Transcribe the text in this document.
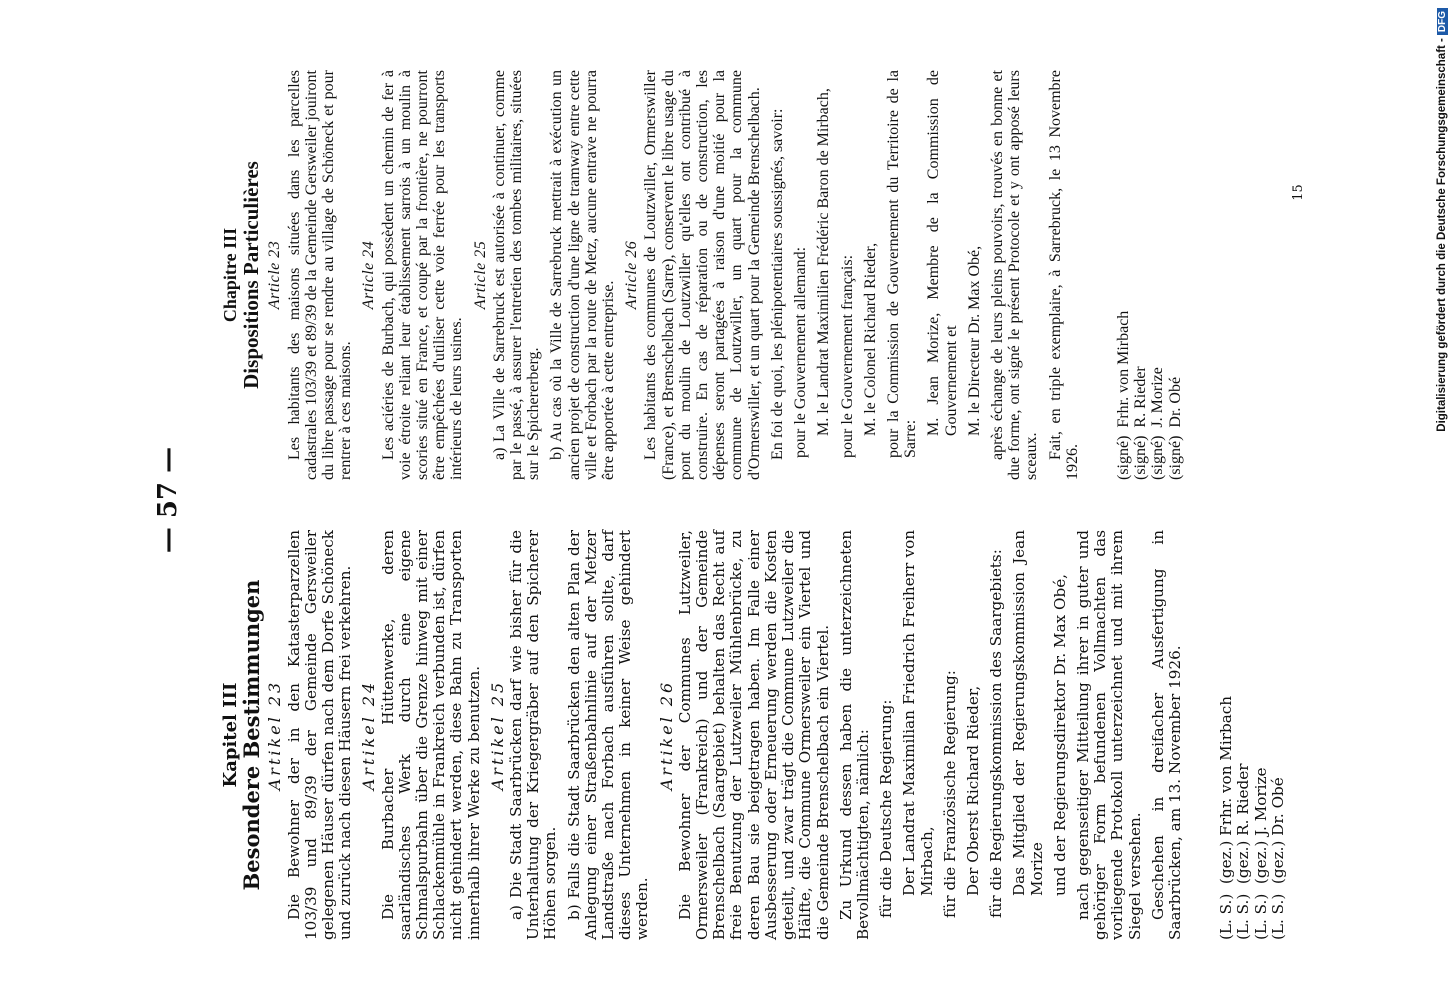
— 57 —
Kapitel III
Besondere Bestimmungen Artikel 23 Die Bewohner der in den Katasterparzellen 103/39 und 89/39 der Gemeinde Gersweiler gelegenen Häuser dürfen nach dem Dorfe Schöneck und zurück nach diesen Häusern frei verkehren. Artikel 24 Die Burbacher Hüttenwerke, deren saarländisches Werk durch eine eigene Schmalspurbahn über die Grenze hinweg mit einer Schlackenmühle in Frankreich verbunden ist, dürfen nicht gehindert werden, diese Bahn zu Transporten innerhalb ihrer Werke zu benutzen. Artikel 25 a) Die Stadt Saarbrücken darf wie bisher für die Unterhaltung der Kriegergräber auf den Spicherer Höhen sorgen. b) Falls die Stadt Saarbrücken den alten Plan der Anlegung einer Straßenbahnlinie auf der Metzer Landstraße nach Forbach ausführen sollte, darf dieses Unternehmen in keiner Weise gehindert werden.

Artikel 26 Die Bewohner der Communes Lutzweiler, Ormersweiler (Frankreich) und der Gemeinde Brenschelbach (Saargebiet) behalten das Recht auf freie Benutzung der Lutzweiler Mühlenbrücke, zu deren Bau sie beigetragen haben. Im Falle einer Ausbesserung oder Erneuerung werden die Kosten geteilt, und zwar trägt die Commune Lutzweiler die Hälfte, die Commune Ormersweiler ein Viertel und die Gemeinde Brenschelbach ein Viertel. Zu Urkund dessen haben die unterzeichneten Bevollmächtigten, nämlich: für die Deutsche Regierung: Der Landrat Maximilian Friedrich Freiherr von Mirbach, für die Französische Regierung: Der Oberst Richard Rieder, für die Regierungskommission des Saargebiets: Das Mitglied der Regierungskommission Jean Morize und der Regierungsdirektor Dr. Max Obé, nach gegenseitiger Mitteilung ihrer in guter und gehöriger Form befundenen Vollmachten das vorliegende Protokoll unterzeichnet und mit ihrem Siegel versehen. Geschehen in dreifacher Ausfertigung in Saarbrücken, am 13. November 1926. (L. S.)  (gez.) Frhr. von Mirbach (L. S.)  (gez.) R. Rieder (L. S.)  (gez.) J. Morize (L. S.)  (gez.) Dr. Obé

Chapitre III Dispositions Particulières Article 23 Les habitants des maisons situées dans les parcelles cadastrales 103/39 et 89/39 de la Gemeinde Gersweiler jouiront du libre passage pour se rendre au village de Schöneck et pour rentrer à ces maisons.

Article 24 Les aciéries de Burbach, qui possèdent un chemin de fer à voie étroite reliant leur établissement sarrois à un moulin à scories situé en France, et coupé par la frontière, ne pourront être empêchées d'utiliser cette voie ferrée pour les transports intérieurs de leurs usines.

Article 25 a) La Ville de Sarrebruck est autorisée à continuer, comme par le passé, à assurer l'entretien des tombes militaires, situées sur le Spichererberg. b) Au cas où la Ville de Sarrebruck mettrait à exécution un ancien projet de construction d'une ligne de tramway entre cette ville et Forbach par la route de Metz, aucune entrave ne pourra être apportée à cette entreprise.

Article 26 Les habitants des communes de Loutzwiller, Ormerswiller (France), et Brenschelbach (Sarre), conservent le libre usage du pont du moulin de Loutzwiller qu'elles ont contribué à construire. En cas de réparation ou de construction, les dépenses seront partagées à raison d'une moitié pour la commune de Loutzwiller, un quart pour la commune d'Ormerswiller, et un quart pour la Gemeinde Brenschelbach. En foi de quoi, les plénipotentiaires soussignés, savoir: pour le Gouvernement allemand: M. le Landrat Maximilien Frédéric Baron de Mirbach, pour le Gouvernement français: M. le Colonel Richard Rieder, pour la Commission de Gouvernement du Territoire de la Sarre:

M. Jean Morize, Membre de la Commission de Gouvernement et M. le Directeur Dr. Max Obé, après échange de leurs pleins pouvoirs, trouvés en bonne et due forme, ont signé le présent Protocole et y ont apposé leurs sceaux. Fait, en triple exemplaire, à Sarrebruck, le 13 Novembre 1926. (signé)  Frhr. von Mirbach (signé)  R. Rieder (signé)  J. Morize (signé)  Dr. Obé

15	Digitalisierung gefördert durch die Deutsche Forschungsgemeinschaft -DFG
